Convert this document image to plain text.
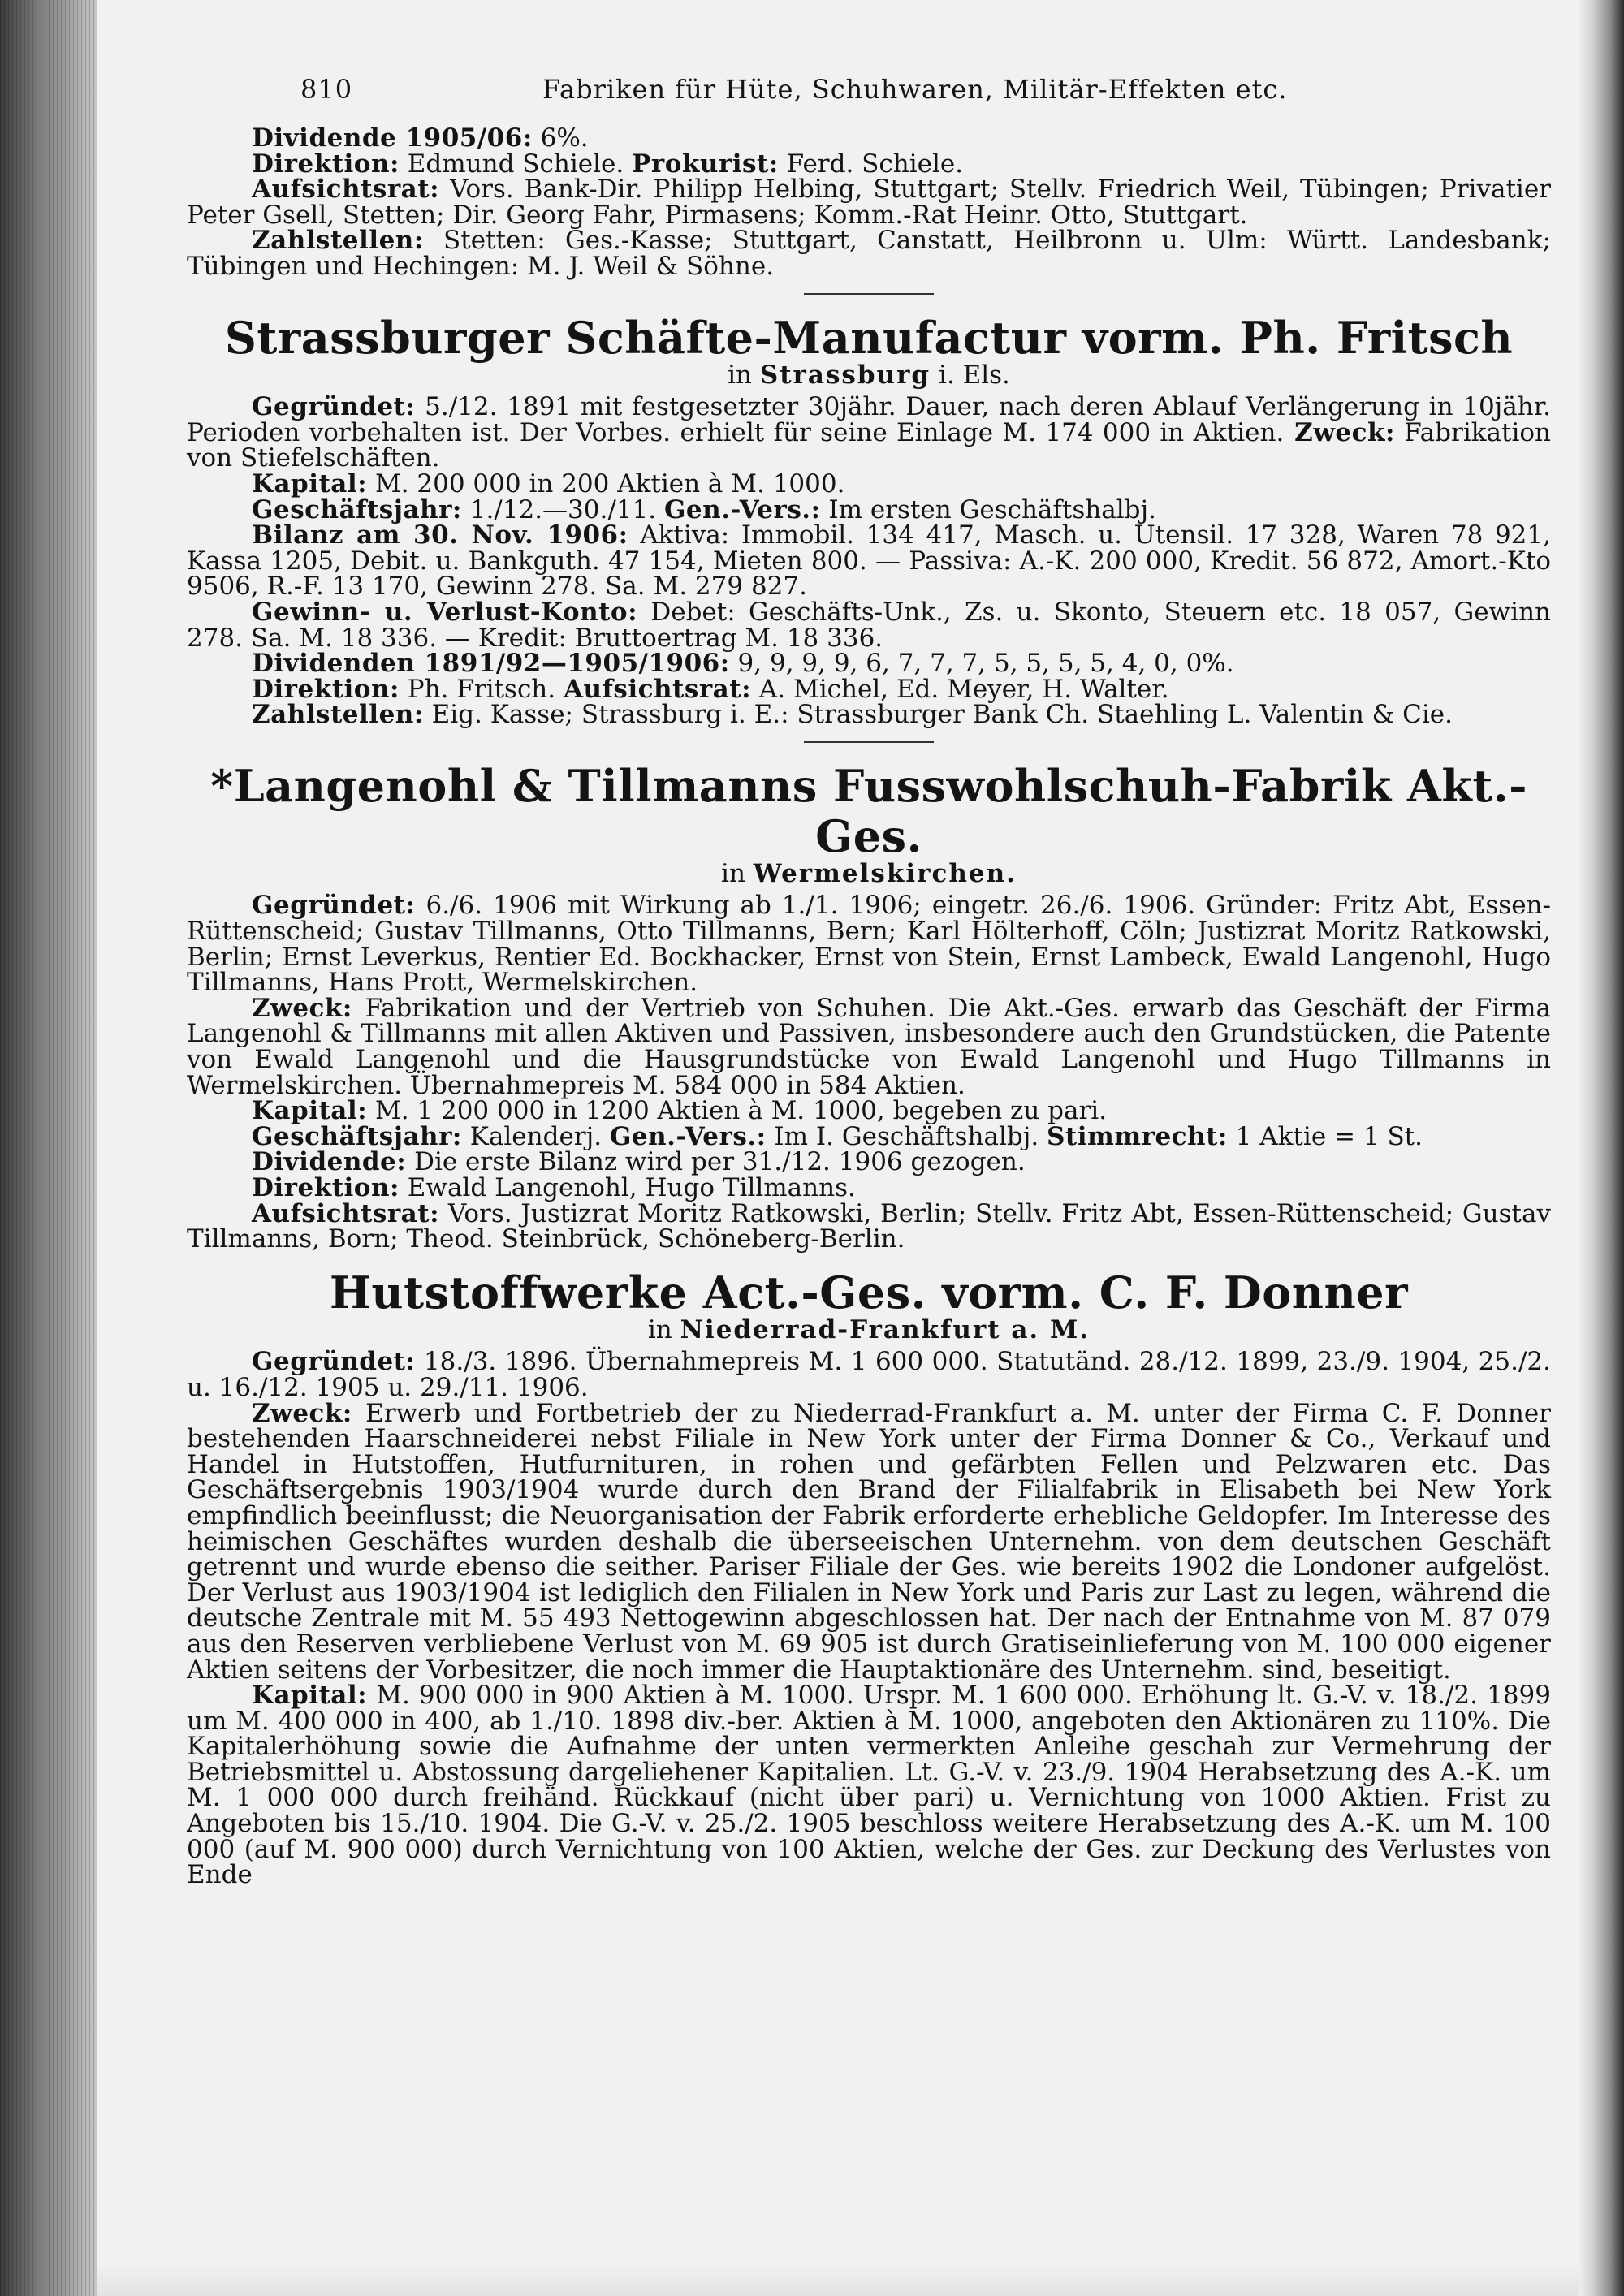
810	Fabriken für Hüte, Schuhwaren, Militär-Effekten etc.

Dividende 1905/06: 6%.

Direktion: Edmund Schiele. Prokurist: Ferd. Schiele.

Aufsichtsrat: Vors. Bank-Dir. Philipp Helbing, Stuttgart; Stellv. Friedrich Weil, Tübingen; Privatier Peter Gsell, Stetten; Dir. Georg Fahr, Pirmasens; Komm.-Rat Heinr. Otto, Stuttgart.

Zahlstellen: Stetten: Ges.-Kasse; Stuttgart, Canstatt, Heilbronn u. Ulm: Württ. Landesbank; Tübingen und Hechingen: M. J. Weil & Söhne.

Strassburger Schäfte-Manufactur vorm. Ph. Fritsch
in Strassburg i. Els.

Gegründet: 5./12. 1891 mit festgesetzter 30jähr. Dauer, nach deren Ablauf Verlängerung in 10jähr. Perioden vorbehalten ist. Der Vorbes. erhielt für seine Einlage M. 174 000 in Aktien. Zweck: Fabrikation von Stiefelschäften.

Kapital: M. 200 000 in 200 Aktien à M. 1000.

Geschäftsjahr: 1./12.—30./11. Gen.-Vers.: Im ersten Geschäftshalbj.

Bilanz am 30. Nov. 1906: Aktiva: Immobil. 134 417, Masch. u. Utensil. 17 328, Waren 78 921, Kassa 1205, Debit. u. Bankguth. 47 154, Mieten 800. — Passiva: A.-K. 200 000, Kredit. 56 872, Amort.-Kto 9506, R.-F. 13 170, Gewinn 278. Sa. M. 279 827.

Gewinn- u. Verlust-Konto: Debet: Geschäfts-Unk., Zs. u. Skonto, Steuern etc. 18 057, Gewinn 278. Sa. M. 18 336. — Kredit: Bruttoertrag M. 18 336.

Dividenden 1891/92—1905/1906: 9, 9, 9, 9, 6, 7, 7, 7, 5, 5, 5, 5, 4, 0, 0%.

Direktion: Ph. Fritsch. Aufsichtsrat: A. Michel, Ed. Meyer, H. Walter.

Zahlstellen: Eig. Kasse; Strassburg i. E.: Strassburger Bank Ch. Staehling L. Valentin & Cie.

*Langenohl & Tillmanns Fusswohlschuh-Fabrik Akt.-Ges.
in Wermelskirchen.

Gegründet: 6./6. 1906 mit Wirkung ab 1./1. 1906; eingetr. 26./6. 1906. Gründer: Fritz Abt, Essen-Rüttenscheid; Gustav Tillmanns, Otto Tillmanns, Bern; Karl Hölterhoff, Cöln; Justizrat Moritz Ratkowski, Berlin; Ernst Leverkus, Rentier Ed. Bockhacker, Ernst von Stein, Ernst Lambeck, Ewald Langenohl, Hugo Tillmanns, Hans Prott, Wermelskirchen.

Zweck: Fabrikation und der Vertrieb von Schuhen. Die Akt.-Ges. erwarb das Geschäft der Firma Langenohl & Tillmanns mit allen Aktiven und Passiven, insbesondere auch den Grundstücken, die Patente von Ewald Langenohl und die Hausgrundstücke von Ewald Langenohl und Hugo Tillmanns in Wermelskirchen. Übernahmepreis M. 584 000 in 584 Aktien.

Kapital: M. 1 200 000 in 1200 Aktien à M. 1000, begeben zu pari.

Geschäftsjahr: Kalenderj. Gen.-Vers.: Im I. Geschäftshalbj. Stimmrecht: 1 Aktie = 1 St.

Dividende: Die erste Bilanz wird per 31./12. 1906 gezogen.

Direktion: Ewald Langenohl, Hugo Tillmanns.

Aufsichtsrat: Vors. Justizrat Moritz Ratkowski, Berlin; Stellv. Fritz Abt, Essen-Rüttenscheid; Gustav Tillmanns, Born; Theod. Steinbrück, Schöneberg-Berlin.

Hutstoffwerke Act.-Ges. vorm. C. F. Donner
in Niederrad-Frankfurt a. M.

Gegründet: 18./3. 1896. Übernahmepreis M. 1 600 000. Statutänd. 28./12. 1899, 23./9. 1904, 25./2. u. 16./12. 1905 u. 29./11. 1906.

Zweck: Erwerb und Fortbetrieb der zu Niederrad-Frankfurt a. M. unter der Firma C. F. Donner bestehenden Haarschneiderei nebst Filiale in New York unter der Firma Donner & Co., Verkauf und Handel in Hutstoffen, Hutfurnituren, in rohen und gefärbten Fellen und Pelzwaren etc. Das Geschäftsergebnis 1903/1904 wurde durch den Brand der Filialfabrik in Elisabeth bei New York empfindlich beeinflusst; die Neuorganisation der Fabrik erforderte erhebliche Geldopfer. Im Interesse des heimischen Geschäftes wurden deshalb die überseeischen Unternehm. von dem deutschen Geschäft getrennt und wurde ebenso die seither. Pariser Filiale der Ges. wie bereits 1902 die Londoner aufgelöst. Der Verlust aus 1903/1904 ist lediglich den Filialen in New York und Paris zur Last zu legen, während die deutsche Zentrale mit M. 55 493 Nettogewinn abgeschlossen hat. Der nach der Entnahme von M. 87 079 aus den Reserven verbliebene Verlust von M. 69 905 ist durch Gratiseinlieferung von M. 100 000 eigener Aktien seitens der Vorbesitzer, die noch immer die Hauptaktionäre des Unternehm. sind, beseitigt.

Kapital: M. 900 000 in 900 Aktien à M. 1000. Urspr. M. 1 600 000. Erhöhung lt. G.-V. v. 18./2. 1899 um M. 400 000 in 400, ab 1./10. 1898 div.-ber. Aktien à M. 1000, angeboten den Aktionären zu 110%. Die Kapitalerhöhung sowie die Aufnahme der unten vermerkten Anleihe geschah zur Vermehrung der Betriebsmittel u. Abstossung dargeliehener Kapitalien. Lt. G.-V. v. 23./9. 1904 Herabsetzung des A.-K. um M. 1 000 000 durch freihänd. Rückkauf (nicht über pari) u. Vernichtung von 1000 Aktien. Frist zu Angeboten bis 15./10. 1904. Die G.-V. v. 25./2. 1905 beschloss weitere Herabsetzung des A.-K. um M. 100 000 (auf M. 900 000) durch Vernichtung von 100 Aktien, welche der Ges. zur Deckung des Verlustes von Ende
